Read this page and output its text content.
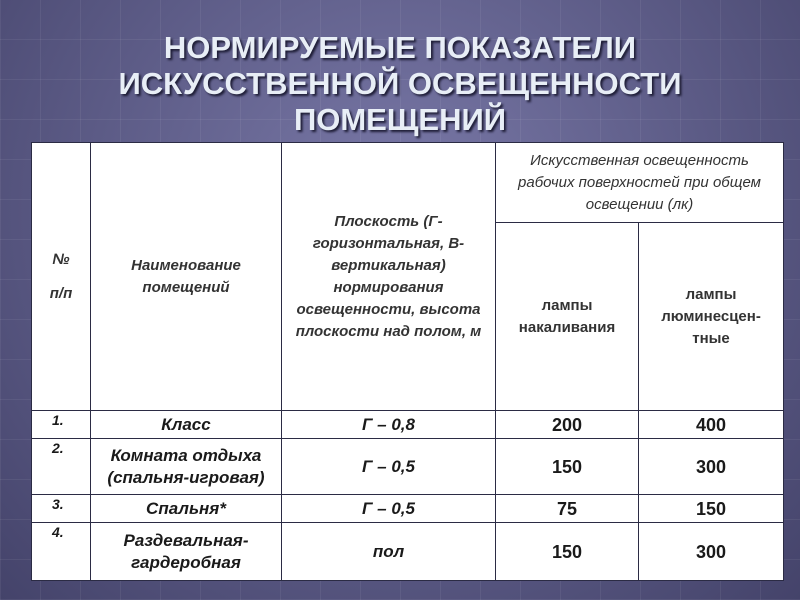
НОРМИРУЕМЫЕ ПОКАЗАТЕЛИ
ИСКУССТВЕННОЙ ОСВЕЩЕННОСТИ
ПОМЕЩЕНИЙ
№
п/п	Наименование помещений	Плоскость (Г-горизонтальная, В-вертикальная) нормирования освещенности, высота плоскости над полом, м	Искусственная освещенность рабочих поверхностей при общем освещении (лк)	
			лампы накаливания	лампы люминесцен-тные
1.	Класс	Г – 0,8	200	400
2.	Комната отдыха (спальня-игровая)	Г – 0,5	150	300
3.	Спальня*	Г – 0,5	75	150
4.	Раздевальная-гардеробная	пол	150	300
